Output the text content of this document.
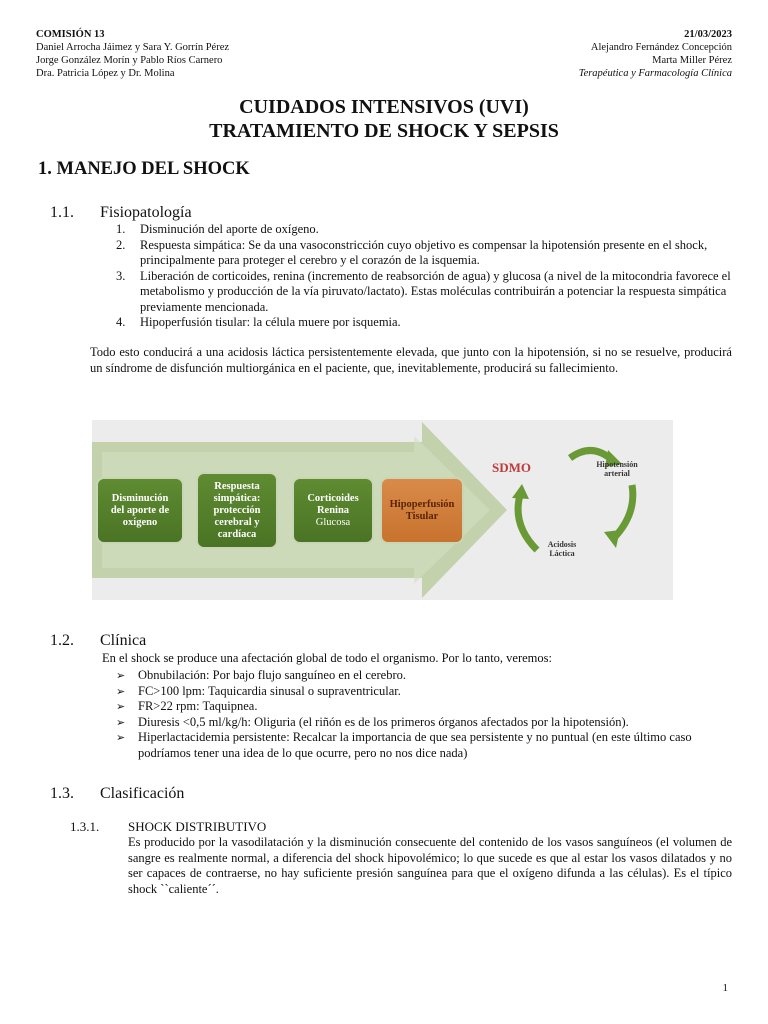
COMISIÓN 13
Daniel Arrocha Jáimez y Sara Y. Gorrín Pérez
Jorge González Morín y Pablo Ríos Carnero
Dra. Patricia López y Dr. Molina
21/03/2023
Alejandro Fernández Concepción
Marta Miller Pérez
Terapéutica y Farmacología Clínica
CUIDADOS INTENSIVOS (UVI)
TRATAMIENTO DE SHOCK Y SEPSIS
1. MANEJO DEL SHOCK
1.1. Fisiopatología
1. Disminución del aporte de oxígeno.
2. Respuesta simpática: Se da una vasoconstricción cuyo objetivo es compensar la hipotensión presente en el shock, principalmente para proteger el cerebro y el corazón de la isquemia.
3. Liberación de corticoides, renina (incremento de reabsorción de agua) y glucosa (a nivel de la mitocondria favorece el metabolismo y producción de la vía piruvato/lactato). Estas moléculas contribuirán a potenciar la respuesta simpática previamente mencionada.
4. Hipoperfusión tisular: la célula muere por isquemia.
Todo esto conducirá a una acidosis láctica persistentemente elevada, que junto con la hipotensión, si no se resuelve, producirá un síndrome de disfunción multiorgánica en el paciente, que, inevitablemente, producirá su fallecimiento.
Disminución
del aporte de
oxígeno
Respuesta
simpática:
protección
cerebral y
cardíaca
Corticoides
Renina
Glucosa
Hipoperfusión
Tisular
SDMO	Hipotensión
arterial
Acidosis
Láctica
1.2. Clínica
En el shock se produce una afectación global de todo el organismo. Por lo tanto, veremos:
➢ Obnubilación: Por bajo flujo sanguíneo en el cerebro.
➢ FC>100 lpm: Taquicardia sinusal o supraventricular.
➢ FR>22 rpm: Taquipnea.
➢ Diuresis <0,5 ml/kg/h: Oliguria (el riñón es de los primeros órganos afectados por la hipotensión).
➢ Hiperlactacidemia persistente: Recalcar la importancia de que sea persistente y no puntual (en este último caso podríamos tener una idea de lo que ocurre, pero no nos dice nada)
1.3. Clasificación
1.3.1. SHOCK DISTRIBUTIVO
Es producido por la vasodilatación y la disminución consecuente del contenido de los vasos sanguíneos (el volumen de sangre es realmente normal, a diferencia del shock hipovolémico; lo que sucede es que al estar los vasos dilatados y no ser capaces de contraerse, no hay suficiente presión sanguínea para que el oxígeno difunda a las células). Es el típico shock ``caliente´´.
1
